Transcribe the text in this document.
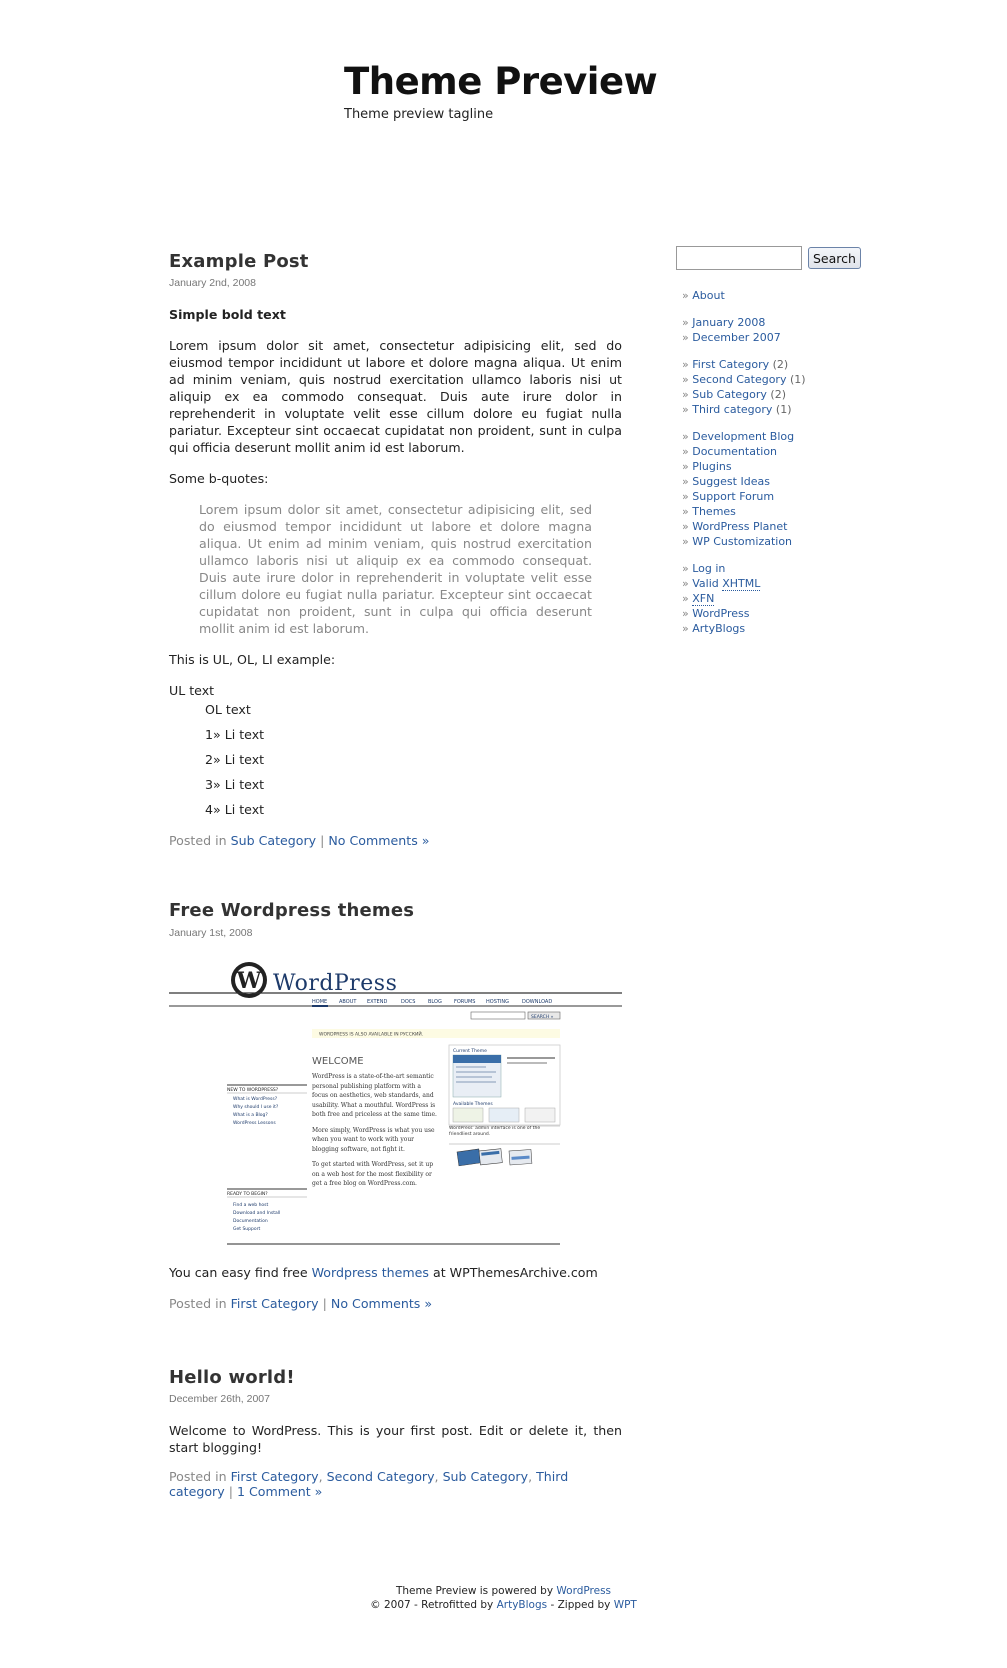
Theme Preview
Theme preview tagline
Example Post
January 2nd, 2008

Simple bold text

Lorem ipsum dolor sit amet, consectetur adipisicing elit, sed do eiusmod tempor incididunt ut labore et dolore magna aliqua. Ut enim ad minim veniam, quis nostrud exercitation ullamco laboris nisi ut aliquip ex ea commodo consequat. Duis aute irure dolor in reprehenderit in voluptate velit esse cillum dolore eu fugiat nulla pariatur. Excepteur sint occaecat cupidatat non proident, sunt in culpa qui officia deserunt mollit anim id est laborum.

Some b-quotes:

Lorem ipsum dolor sit amet, consectetur adipisicing elit, sed do eiusmod tempor incididunt ut labore et dolore magna aliqua. Ut enim ad minim veniam, quis nostrud exercitation ullamco laboris nisi ut aliquip ex ea commodo consequat. Duis aute irure dolor in reprehenderit in voluptate velit esse cillum dolore eu fugiat nulla pariatur. Excepteur sint occaecat cupidatat non proident, sunt in culpa qui officia deserunt mollit anim id est laborum.

This is UL, OL, LI example:

UL text
OL text
1» Li text
2» Li text
3» Li text
4» Li text
Posted in Sub Category | No Comments »
Free Wordpress themes
January 1st, 2008
W WordPress
HOME ABOUT EXTEND	DOCS	BLOG FORUMS HOSTING	DOWNLOAD
SEARCH »
WORDPRESS IS ALSO AVAILABLE IN РУССКИЙ.
WELCOME
NEW TO WORDPRESS?
What is WordPress?
Why should I use it?
What is a Blog?
WordPress Lessons
READY TO BEGIN?
Find a web host
Download and Install
Documentation
Get Support
WordPress is a state-of-the-art semantic personal publishing platform with a focus on aesthetics, web standards, and usability. What a mouthful. WordPress is both free and priceless at the same time.
More simply, WordPress is what you use when you want to work with your blogging software, not fight it.
To get started with WordPress, set it up on a web host for the most flexibility or get a free blog on WordPress.com.
Current Theme
Available Themes
WordPress' admin interface is one of the friendliest around.

You can easy find free Wordpress themes at WPThemesArchive.com

Posted in First Category | No Comments »
Hello world!
December 26th, 2007

Welcome to WordPress. This is your first post. Edit or delete it, then start blogging!

Posted in First Category, Second Category, Sub Category, Third category | 1 Comment »
Search
» About
» January 2008
» December 2007
» First Category (2)
» Second Category (1)
» Sub Category (2)
» Third category (1)
» Development Blog
» Documentation
» Plugins
» Suggest Ideas
» Support Forum
» Themes
» WordPress Planet
» WP Customization
» Log in
» Valid XHTML
» XFN
» WordPress
» ArtyBlogs
Theme Preview is powered by WordPress
© 2007 - Retrofitted by ArtyBlogs - Zipped by WPT
